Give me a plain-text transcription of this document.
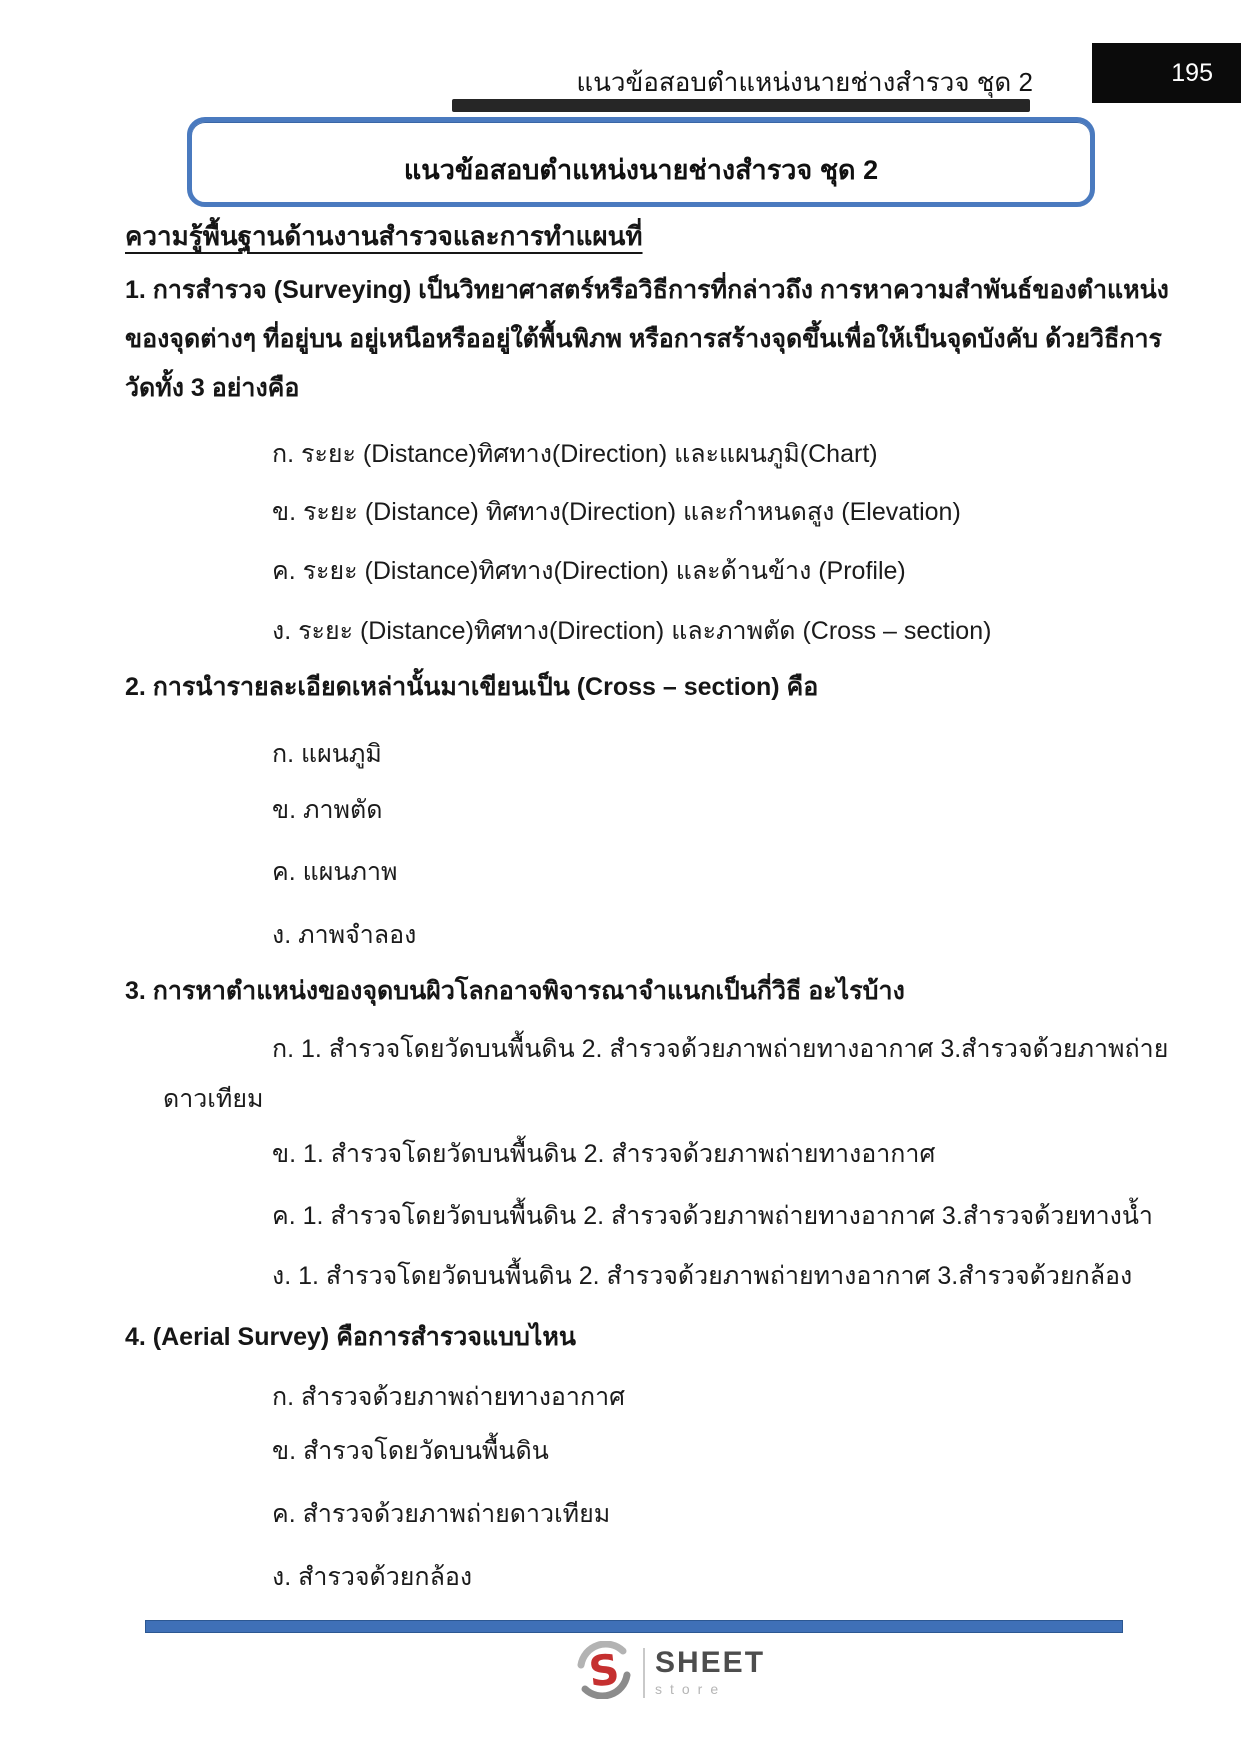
แนวข้อสอบตำแหน่งนายช่างสำรวจ ชุด 2	195
แนวข้อสอบตำแหน่งนายช่างสำรวจ ชุด 2
ความรู้พื้นฐานด้านงานสำรวจและการทำแผนที่
1. การสำรวจ (Surveying) เป็นวิทยาศาสตร์หรือวิธีการที่กล่าวถึง การหาความสำพันธ์ของตำแหน่ง
ของจุดต่างๆ ที่อยู่บน อยู่เหนือหรืออยู่ใต้พื้นพิภพ หรือการสร้างจุดขึ้นเพื่อให้เป็นจุดบังคับ ด้วยวิธีการ
วัดทั้ง 3 อย่างคือ
ก. ระยะ (Distance)ทิศทาง(Direction) และแผนภูมิ(Chart)
ข. ระยะ (Distance) ทิศทาง(Direction) และกำหนดสูง (Elevation)
ค. ระยะ (Distance)ทิศทาง(Direction) และด้านข้าง (Profile)
ง. ระยะ (Distance)ทิศทาง(Direction) และภาพตัด (Cross – section)
2. การนำรายละเอียดเหล่านั้นมาเขียนเป็น (Cross – section) คือ
ก. แผนภูมิ
ข. ภาพตัด
ค. แผนภาพ
ง. ภาพจำลอง
3. การหาตำแหน่งของจุดบนผิวโลกอาจพิจารณาจำแนกเป็นกี่วิธี อะไรบ้าง
ก. 1. สำรวจโดยวัดบนพื้นดิน 2. สำรวจด้วยภาพถ่ายทางอากาศ 3.สำรวจด้วยภาพถ่าย
ดาวเทียม
ข. 1. สำรวจโดยวัดบนพื้นดิน 2. สำรวจด้วยภาพถ่ายทางอากาศ
ค. 1. สำรวจโดยวัดบนพื้นดิน 2. สำรวจด้วยภาพถ่ายทางอากาศ 3.สำรวจด้วยทางน้ำ
ง. 1. สำรวจโดยวัดบนพื้นดิน 2. สำรวจด้วยภาพถ่ายทางอากาศ 3.สำรวจด้วยกล้อง
4. (Aerial Survey) คือการสำรวจแบบไหน
ก. สำรวจด้วยภาพถ่ายทางอากาศ
ข. สำรวจโดยวัดบนพื้นดิน
ค. สำรวจด้วยภาพถ่ายดาวเทียม
ง. สำรวจด้วยกล้อง
S SHEET
store
